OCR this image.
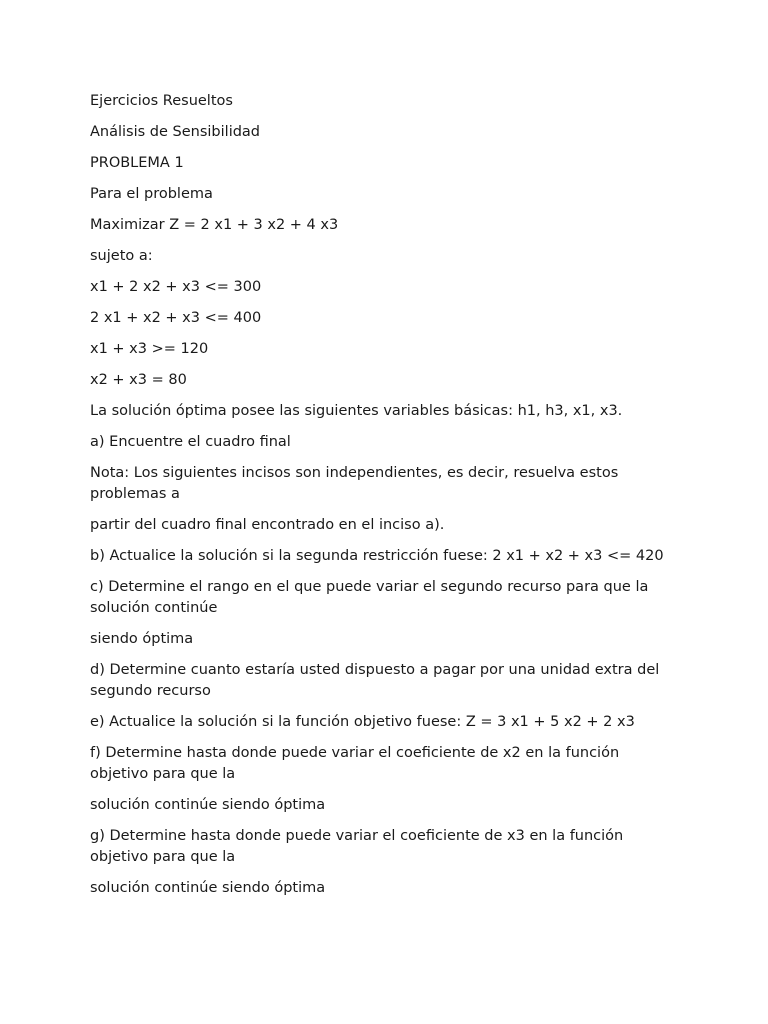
Ejercicios Resueltos

Análisis de Sensibilidad

PROBLEMA 1

Para el problema

Maximizar Z = 2 x1 + 3 x2 + 4 x3

sujeto a:

x1 + 2 x2 + x3 <= 300

2 x1 + x2 + x3 <= 400

x1 + x3 >= 120

x2 + x3 = 80

La solución óptima posee las siguientes variables básicas: h1, h3, x1, x3.

a) Encuentre el cuadro final

Nota: Los siguientes incisos son independientes, es decir, resuelva estos problemas a

partir del cuadro final encontrado en el inciso a).

b) Actualice la solución si la segunda restricción fuese: 2 x1 + x2 + x3 <= 420

c) Determine el rango en el que puede variar el segundo recurso para que la solución continúe

siendo óptima

d) Determine cuanto estaría usted dispuesto a pagar por una unidad extra del segundo recurso

e) Actualice la solución si la función objetivo fuese: Z = 3 x1 + 5 x2 + 2 x3

f) Determine hasta donde puede variar el coeficiente de x2 en la función objetivo para que la

solución continúe siendo óptima

g) Determine hasta donde puede variar el coeficiente de x3 en la función objetivo para que la

solución continúe siendo óptima
